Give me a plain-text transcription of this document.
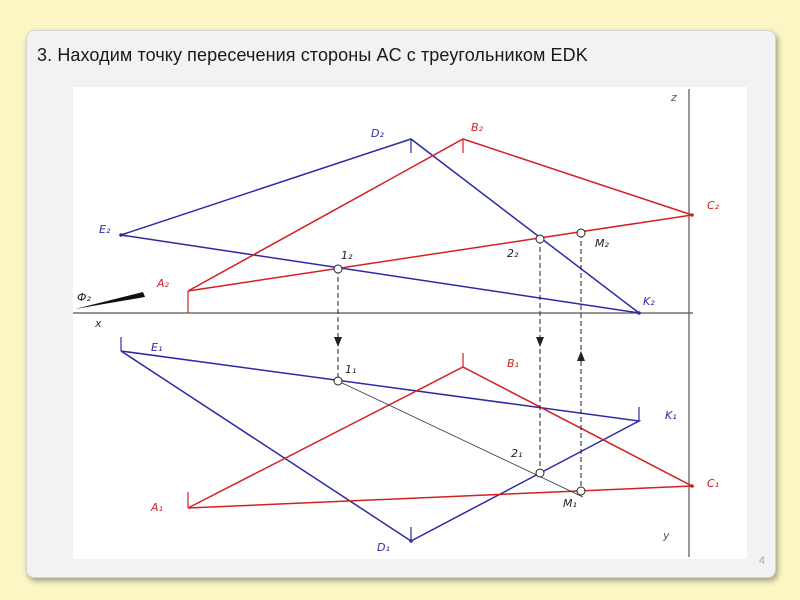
3. Находим точку пересечения стороны AC с треугольником EDK
z
x
y
Ф₂
E₂
D₂	B₂
C₂
A₂
K₂
1₂	2₂
M₂
E₁
B₁
K₁
C₁
A₁
D₁
1₁
2₁
M₁
4
